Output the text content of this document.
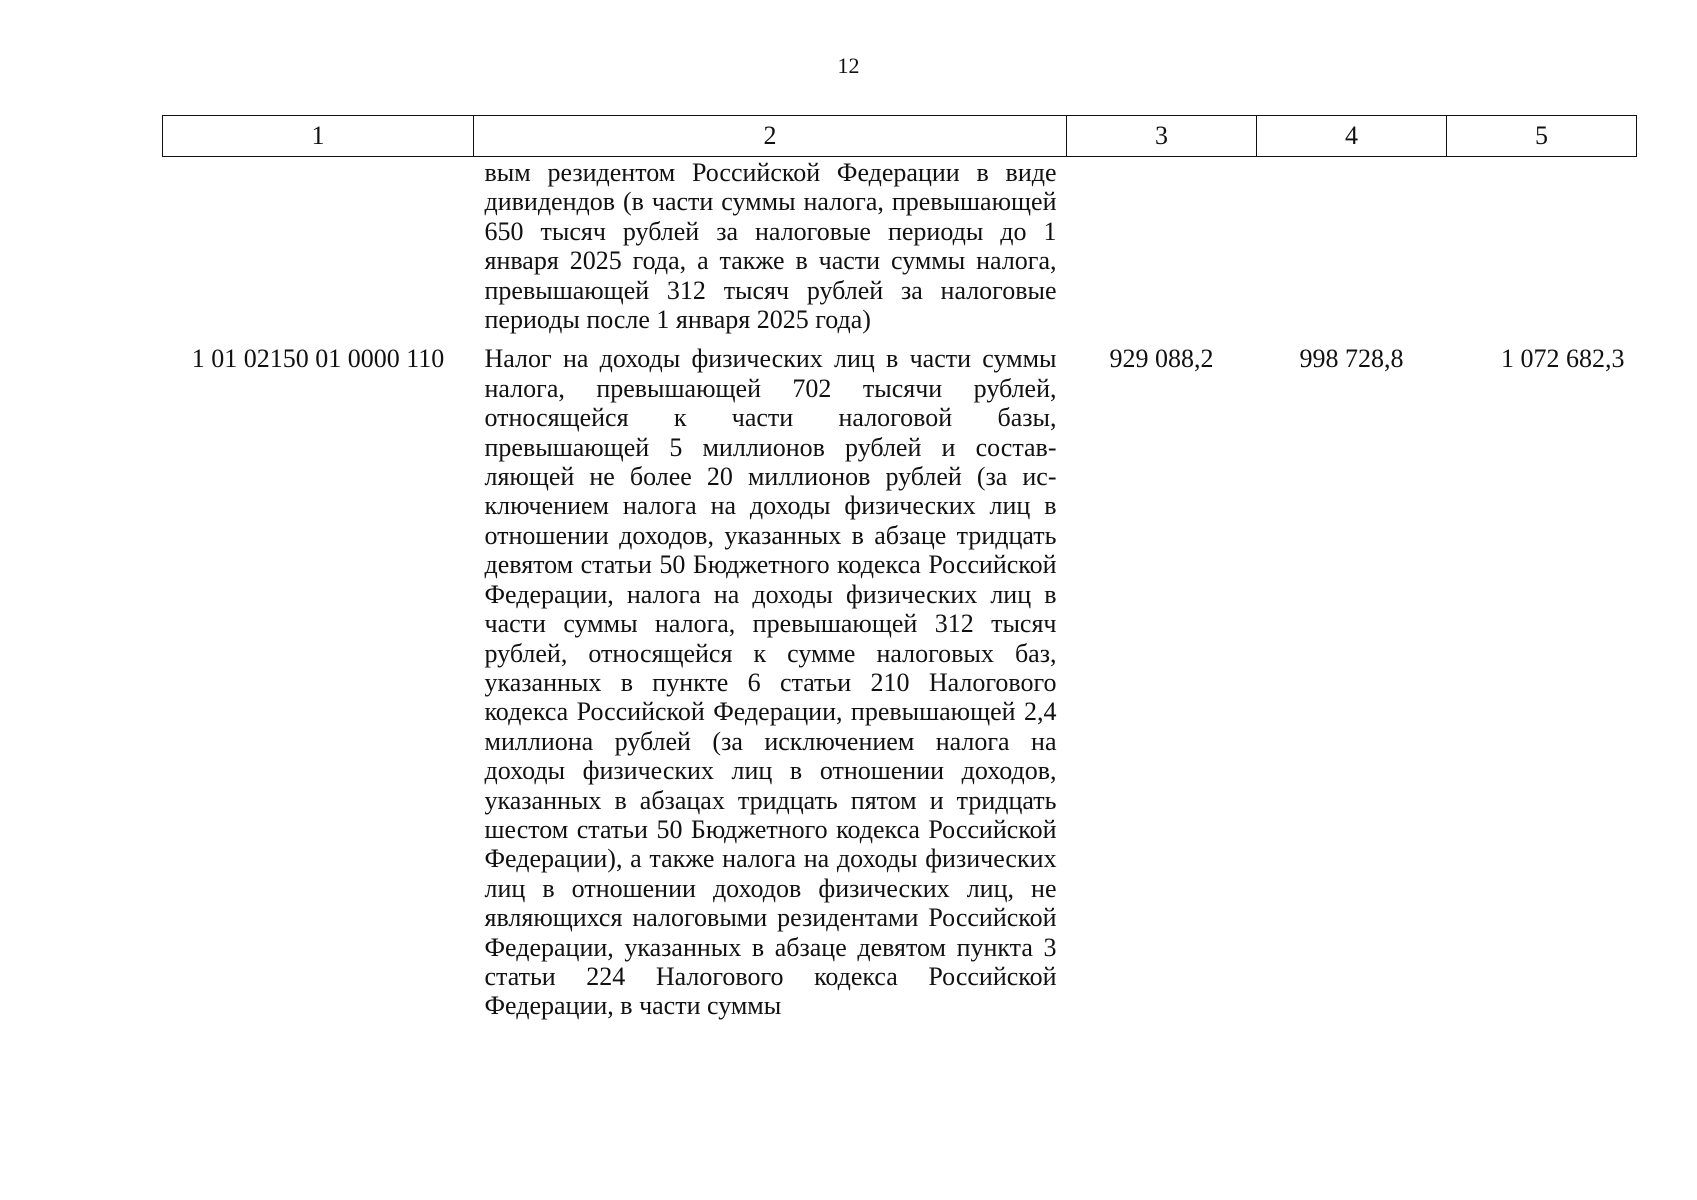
12
1	2	3	4	5

	вым резидентом Российской Федерации в виде дивидендов (в части суммы налога, превышающей 650 тысяч рублей за налоговые периоды до 1 января 2025 года, а также в части суммы налога, превышающей 312 тысяч рублей за налоговые периоды после 1 января 2025 года)			

1 01 02150 01 0000 110	Налог на доходы физических лиц в части суммы налога, превышающей 702 тысячи рублей, относящейся к части налоговой базы, превышающей 5 миллионов рублей и составляющей не более 20 миллионов рублей (за исключением налога на доходы физических лиц в отношении доходов, указанных в абзаце тридцать девятом статьи 50 Бюджетного кодекса Российской Федерации, налога на доходы физических лиц в части суммы налога, превышающей 312 тысяч рублей, относящейся к сумме налоговых баз, указанных в пункте 6 статьи 210 Налогового кодекса Российской Федерации, превышающей 2,4 миллиона рублей (за исключением налога на доходы физических лиц в отношении доходов, указанных в абзацах тридцать пятом и тридцать шестом статьи 50 Бюджетного кодекса Российской Федерации), а также налога на доходы физических лиц в отношении доходов физических лиц, не являющихся налоговыми резидентами Российской Федерации, указанных в абзаце девятом пункта 3 статьи 224 Налогового кодекса Российской Федерации, в части суммы	929 088,2	998 728,8	1 072 682,3
